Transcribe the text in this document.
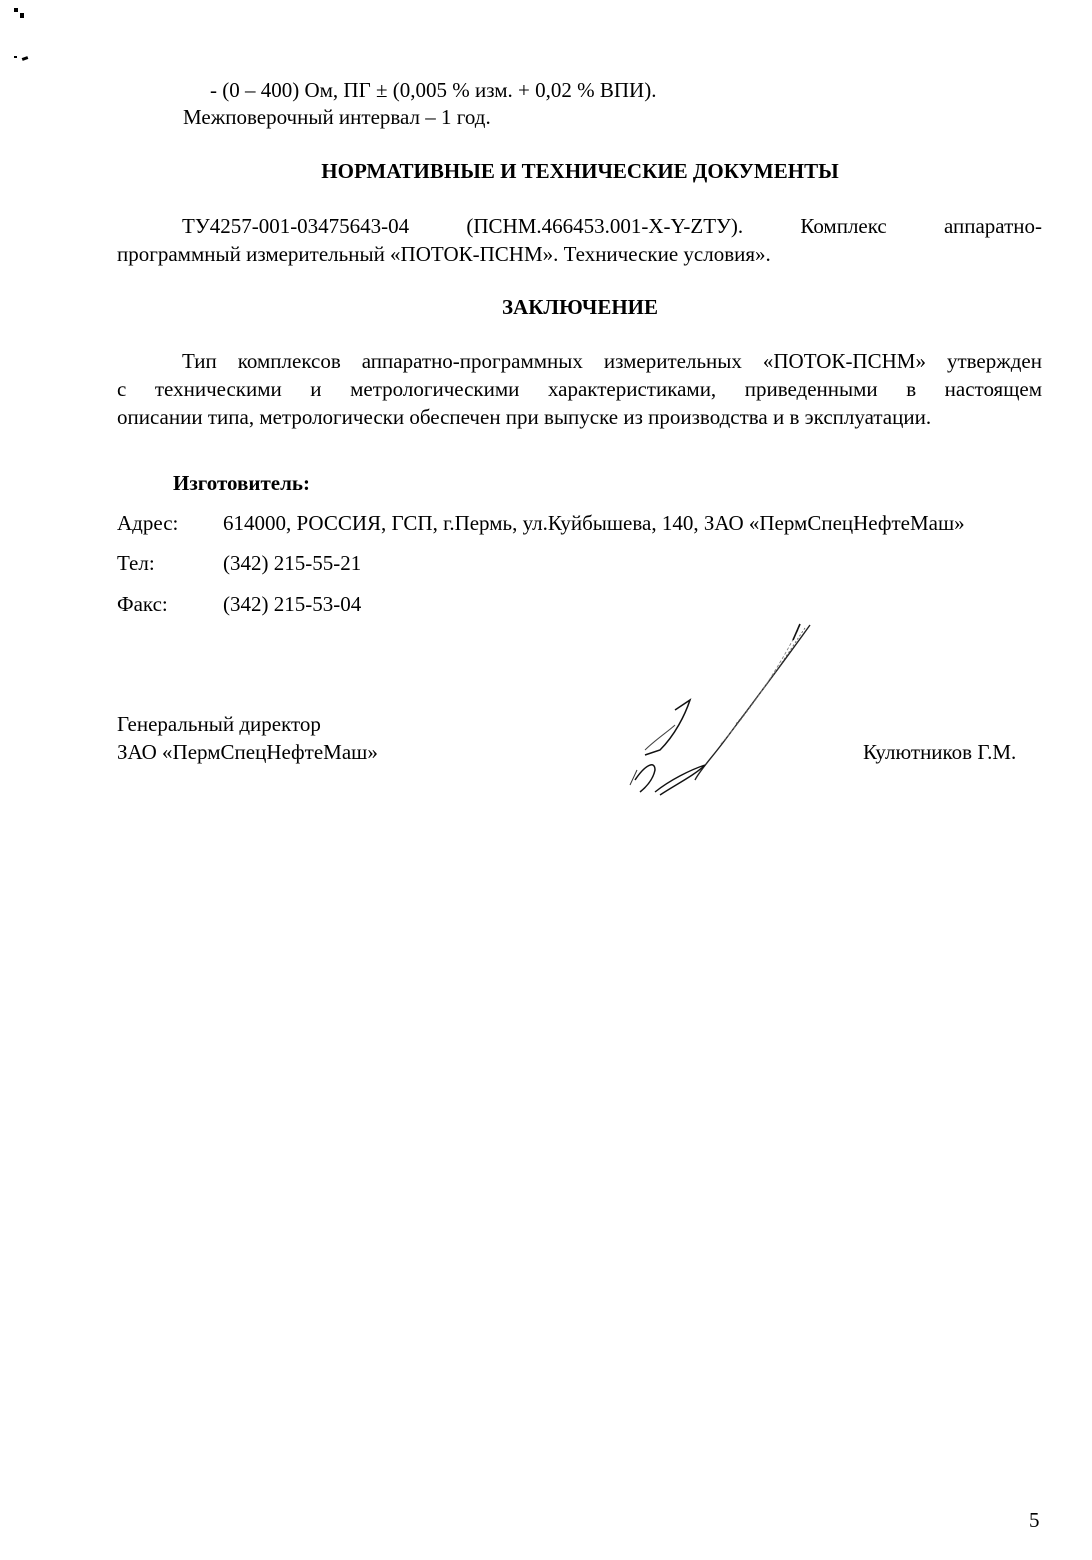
- (0 – 400) Ом, ПГ ± (0,005 % изм. + 0,02 % ВПИ).
Межповерочный интервал – 1 год.
НОРМАТИВНЫЕ И ТЕХНИЧЕСКИЕ ДОКУМЕНТЫ
ТУ4257-001-03475643-04 (ПСНМ.466453.001-X-Y-ZTУ). Комплекс аппаратно-
программный измерительный «ПОТОК-ПСНМ». Технические условия».
ЗАКЛЮЧЕНИЕ
Тип комплексов аппаратно-программных измерительных «ПОТОК-ПСНМ» утвержден
с техническими и метрологическими характеристиками, приведенными в настоящем
описании типа, метрологически обеспечен при выпуске из производства и в эксплуатации.
Изготовитель:
Адрес: 614000, РОССИЯ, ГСП, г.Пермь, ул.Куйбышева, 140, ЗАО «ПермСпецНефтеМаш»
Тел:	(342) 215-55-21
Факс:	(342) 215-53-04
Генеральный директор
ЗАО «ПермСпецНефтеМаш»	Кулютников Г.М.
5
